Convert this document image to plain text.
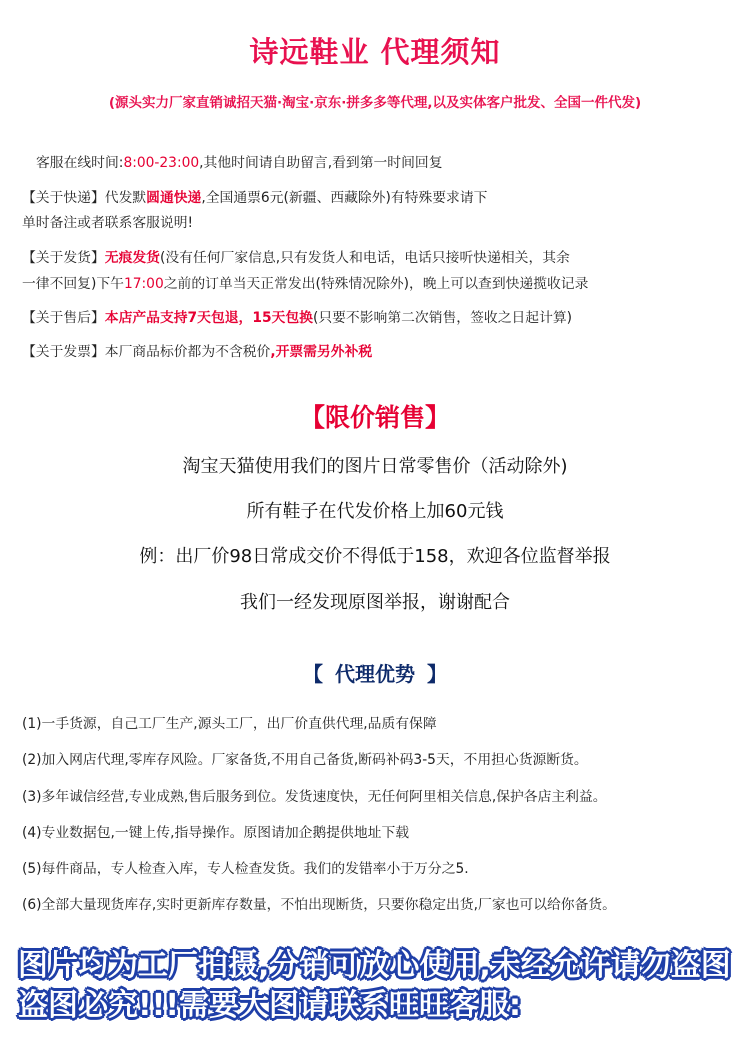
诗远鞋业 代理须知
(源头实力厂家直销诚招天猫·淘宝·京东·拼多多等代理,以及实体客户批发、全国一件代发)
客服在线时间:8:00-23:00,其他时间请自助留言,看到第一时间回复
【关于快递】代发默圆通快递,全国通票6元(新疆、西藏除外)有特殊要求请下
单时备注或者联系客服说明!
【关于发货】无痕发货(没有任何厂家信息,只有发货人和电话，电话只接听快递相关，其余
一律不回复)下午17:00之前的订单当天正常发出(特殊情况除外)，晚上可以查到快递揽收记录
【关于售后】本店产品支持7天包退，15天包换(只要不影响第二次销售，签收之日起计算)
【关于发票】本厂商品标价都为不含税价,开票需另外补税
【限价销售】
淘宝天猫使用我们的图片日常零售价（活动除外)
所有鞋子在代发价格上加60元钱
例：出厂价98日常成交价不得低于158，欢迎各位监督举报
我们一经发现原图举报，谢谢配合
【 代理优势 】
(1)一手货源，自己工厂生产,源头工厂，出厂价直供代理,品质有保障
(2)加入网店代理,零库存风险。厂家备货,不用自己备货,断码补码3-5天，不用担心货源断货。
(3)多年诚信经营,专业成熟,售后服务到位。发货速度快，无任何阿里相关信息,保护各店主利益。
(4)专业数据包,一键上传,指导操作。原图请加企鹅提供地址下载
(5)每件商品，专人检查入库，专人检查发货。我们的发错率小于万分之5.
(6)全部大量现货库存,实时更新库存数量，不怕出现断货，只要你稳定出货,厂家也可以给你备货。
图片均为工厂拍摄,分销可放心使用,未经允许请勿盗图
盗图必究!!!需要大图请联系旺旺客服:
